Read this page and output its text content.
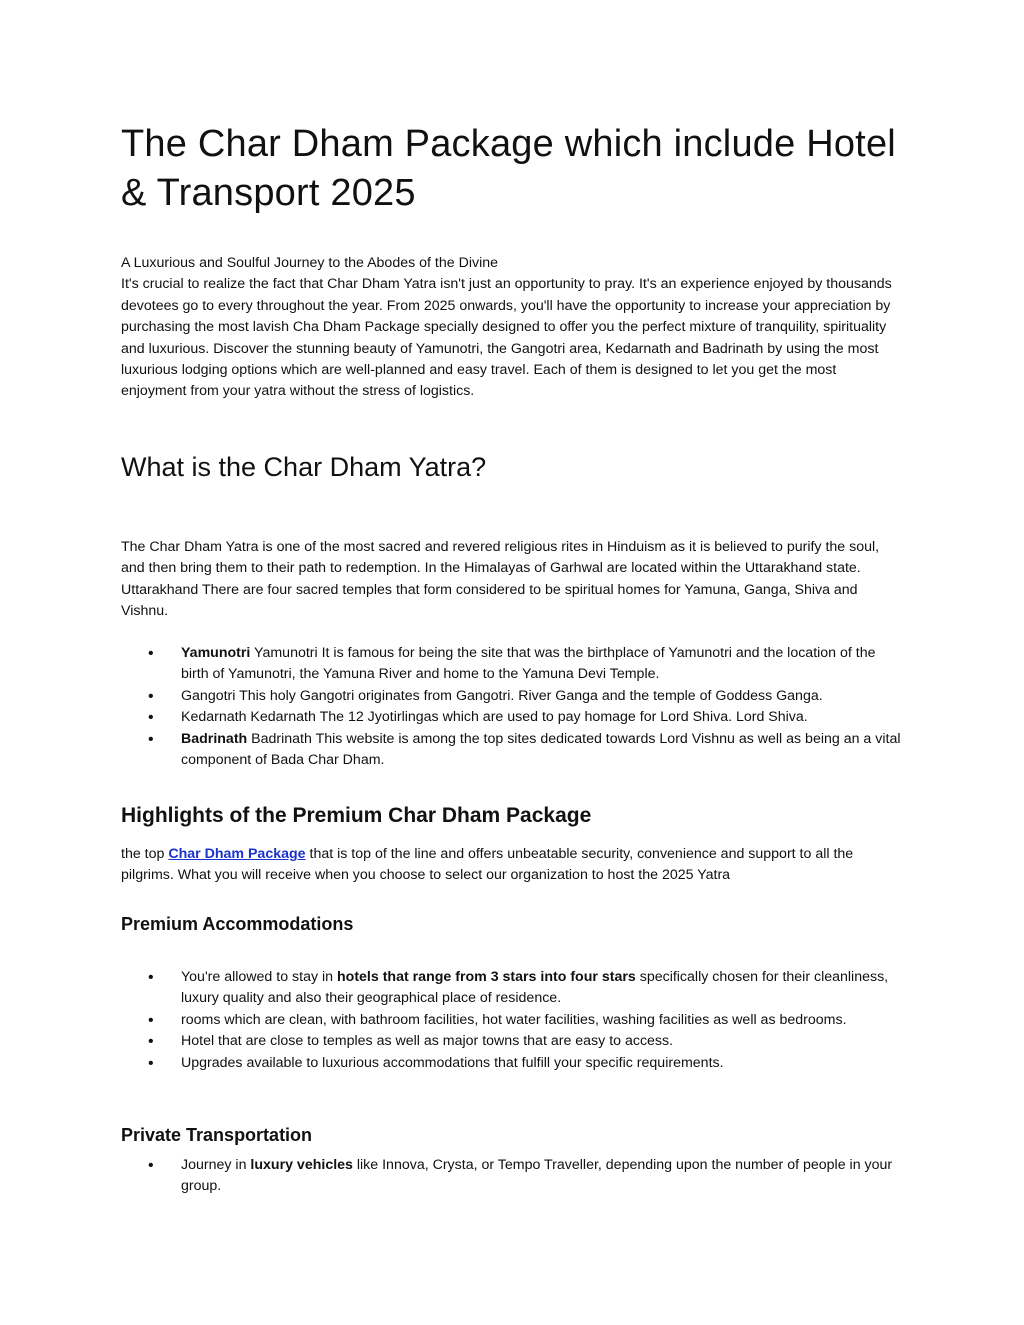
The Char Dham Package which include Hotel & Transport 2025

A Luxurious and Soulful Journey to the Abodes of the Divine

It's crucial to realize the fact that Char Dham Yatra isn't just an opportunity to pray. It's an experience enjoyed by thousands devotees go to every throughout the year. From 2025 onwards, you'll have the opportunity to increase your appreciation by purchasing the most lavish Cha Dham Package specially designed to offer you the perfect mixture of tranquility, spirituality and luxurious. Discover the stunning beauty of Yamunotri, the Gangotri area, Kedarnath and Badrinath by using the most luxurious lodging options which are well-planned and easy travel. Each of them is designed to let you get the most enjoyment from your yatra without the stress of logistics.

What is the Char Dham Yatra?

The Char Dham Yatra is one of the most sacred and revered religious rites in Hinduism as it is believed to purify the soul, and then bring them to their path to redemption. In the Himalayas of Garhwal are located within the Uttarakhand state. Uttarakhand There are four sacred temples that form considered to be spiritual homes for Yamuna, Ganga, Shiva and Vishnu.

• Yamunotri Yamunotri It is famous for being the site that was the birthplace of Yamunotri and the location of the birth of Yamunotri, the Yamuna River and home to the Yamuna Devi Temple.
• Gangotri This holy Gangotri originates from Gangotri. River Ganga and the temple of Goddess Ganga.
• Kedarnath Kedarnath The 12 Jyotirlingas which are used to pay homage for Lord Shiva. Lord Shiva.
• Badrinath Badrinath This website is among the top sites dedicated towards Lord Vishnu as well as being an a vital component of Bada Char Dham.
Highlights of the Premium Char Dham Package

the top Char Dham Package that is top of the line and offers unbeatable security, convenience and support to all the pilgrims. What you will receive when you choose to select our organization to host the 2025 Yatra

Premium Accommodations
• You're allowed to stay in hotels that range from 3 stars into four stars specifically chosen for their cleanliness, luxury quality and also their geographical place of residence.
• rooms which are clean, with bathroom facilities, hot water facilities, washing facilities as well as bedrooms.
• Hotel that are close to temples as well as major towns that are easy to access.
• Upgrades available to luxurious accommodations that fulfill your specific requirements.
Private Transportation
• Journey in luxury vehicles like Innova, Crysta, or Tempo Traveller, depending upon the number of people in your group.
